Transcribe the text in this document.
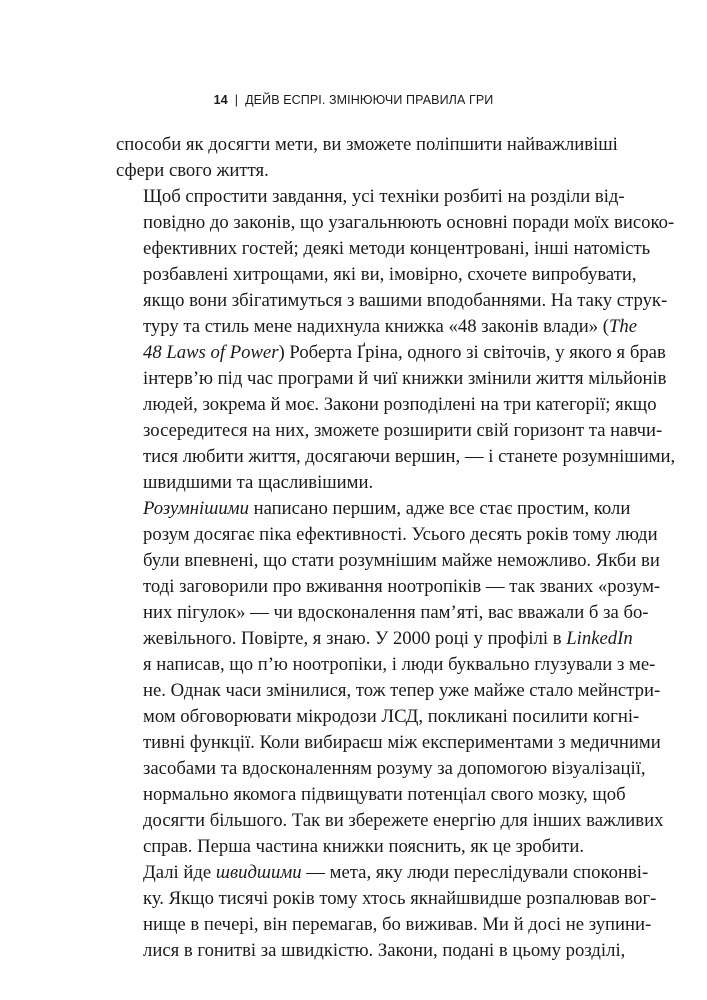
14 | ДЕЙВ ЕСПРІ. ЗМІНЮЮЧИ ПРАВИЛА ГРИ

способи як досягти мети, ви зможете поліпшити найважливіші
сфери свого життя.

Щоб спростити завдання, усі техніки розбиті на розділи від-
повідно до законів, що узагальнюють основні поради моїх високо-
ефективних гостей; деякі методи концентровані, інші натомість
розбавлені хитрощами, які ви, імовірно, схочете випробувати,
якщо вони збігатимуться з вашими вподобаннями. На таку струк-
туру та стиль мене надихнула книжка «48 законів влади» (The
48 Laws of Power) Роберта Ґріна, одного зі світочів, у якого я брав
інтерв’ю під час програми й чиї книжки змінили життя мільйонів
людей, зокрема й моє. Закони розподілені на три категорії; якщо
зосередитеся на них, зможете розширити свій горизонт та навчи-
тися любити життя, досягаючи вершин, — і станете розумнішими,
швидшими та щасливішими.

Розумнішими написано першим, адже все стає простим, коли
розум досягає піка ефективності. Усього десять років тому люди
були впевнені, що стати розумнішим майже неможливо. Якби ви
тоді заговорили про вживання ноотропіків — так званих «розум-
них пігулок» — чи вдосконалення пам’яті, вас вважали б за бо-
жевільного. Повірте, я знаю. У 2000 році у профілі в LinkedIn
я написав, що п’ю ноотропіки, і люди буквально глузували з ме-
не. Однак часи змінилися, тож тепер уже майже стало мейнстри-
мом обговорювати мікродози ЛСД, покликані посилити когні-
тивні функції. Коли вибираєш між експериментами з медичними
засобами та вдосконаленням розуму за допомогою візуалізації,
нормально якомога підвищувати потенціал свого мозку, щоб
досягти більшого. Так ви збережете енергію для інших важливих
справ. Перша частина книжки пояснить, як це зробити.

Далі йде швидшими — мета, яку люди переслідували споконві-
ку. Якщо тисячі років тому хтось якнайшвидше розпалював вог-
нище в печері, він перемагав, бо виживав. Ми й досі не зупини-
лися в гонитві за швидкістю. Закони, подані в цьому розділі,
